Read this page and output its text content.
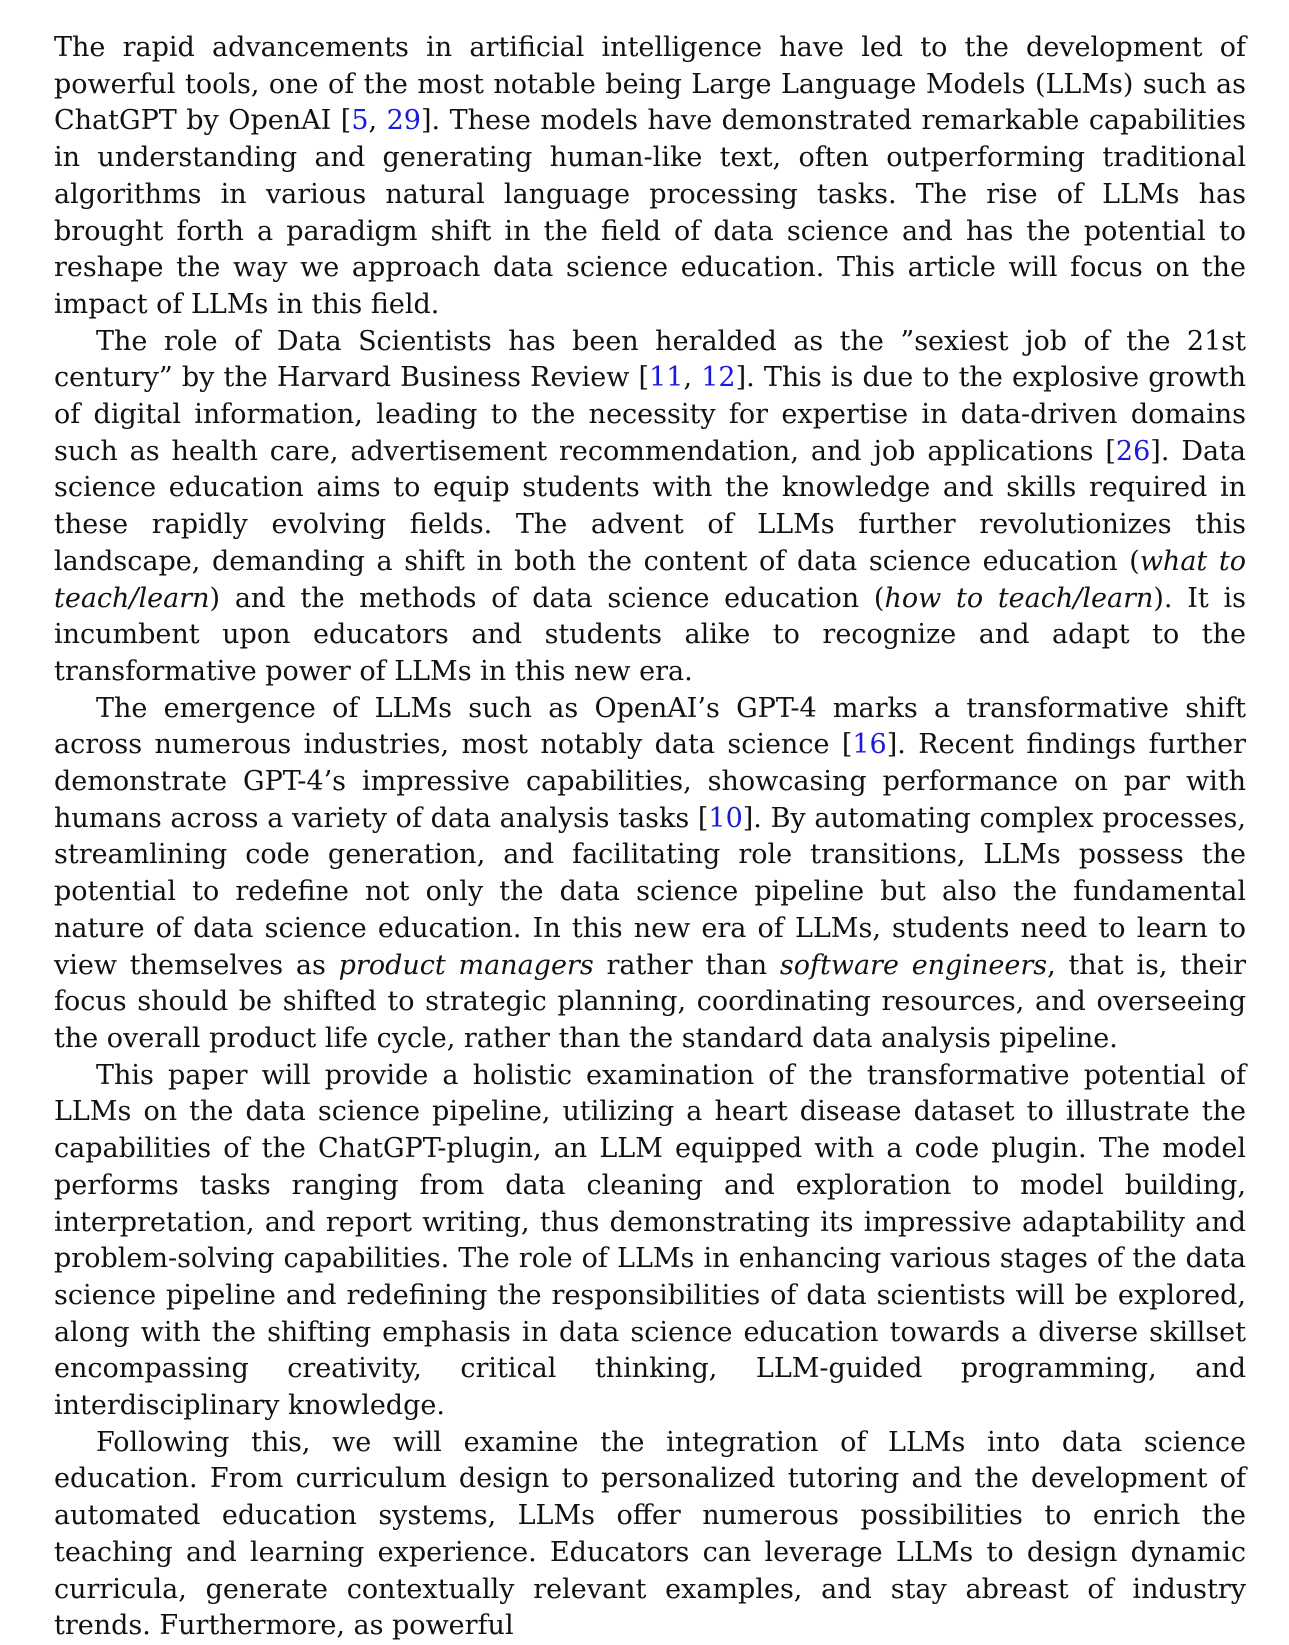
The rapid advancements in artificial intelligence have led to the development of powerful tools, one of the most notable being Large Language Models (LLMs) such as ChatGPT by OpenAI [5, 29]. These models have demonstrated remarkable capabilities in understanding and generating human-like text, often outperforming traditional algorithms in various natural language processing tasks. The rise of LLMs has brought forth a paradigm shift in the field of data science and has the potential to reshape the way we approach data science education. This article will focus on the impact of LLMs in this field.

The role of Data Scientists has been heralded as the ”sexiest job of the 21st century” by the Harvard Business Review [11, 12]. This is due to the explosive growth of digital information, leading to the necessity for expertise in data-driven domains such as health care, advertisement recommendation, and job applications [26]. Data science education aims to equip students with the knowledge and skills required in these rapidly evolving fields. The advent of LLMs further revolutionizes this landscape, demanding a shift in both the content of data science education (what to teach/learn) and the methods of data science education (how to teach/learn). It is incumbent upon educators and students alike to recognize and adapt to the transformative power of LLMs in this new era.

The emergence of LLMs such as OpenAI’s GPT-4 marks a transformative shift across numerous industries, most notably data science [16]. Recent findings further demonstrate GPT-4’s impressive capabilities, showcasing performance on par with humans across a variety of data analysis tasks [10]. By automating complex processes, streamlining code generation, and facilitating role transitions, LLMs possess the potential to redefine not only the data science pipeline but also the fundamental nature of data science education. In this new era of LLMs, students need to learn to view themselves as product managers rather than software engineers, that is, their focus should be shifted to strategic planning, coordinating resources, and overseeing the overall product life cycle, rather than the standard data analysis pipeline.

This paper will provide a holistic examination of the transformative potential of LLMs on the data science pipeline, utilizing a heart disease dataset to illustrate the capabilities of the ChatGPT-plugin, an LLM equipped with a code plugin. The model performs tasks ranging from data cleaning and exploration to model building, interpretation, and report writing, thus demonstrating its impressive adaptability and problem-solving capabilities. The role of LLMs in enhancing various stages of the data science pipeline and redefining the responsibilities of data scientists will be explored, along with the shifting emphasis in data science education towards a diverse skillset encompassing creativity, critical thinking, LLM-guided programming, and interdisciplinary knowledge.

Following this, we will examine the integration of LLMs into data science education. From curriculum design to personalized tutoring and the development of automated education systems, LLMs offer numerous possibilities to enrich the teaching and learning experience. Educators can leverage LLMs to design dynamic curricula, generate contextually relevant examples, and stay abreast of industry trends. Furthermore, as powerful
